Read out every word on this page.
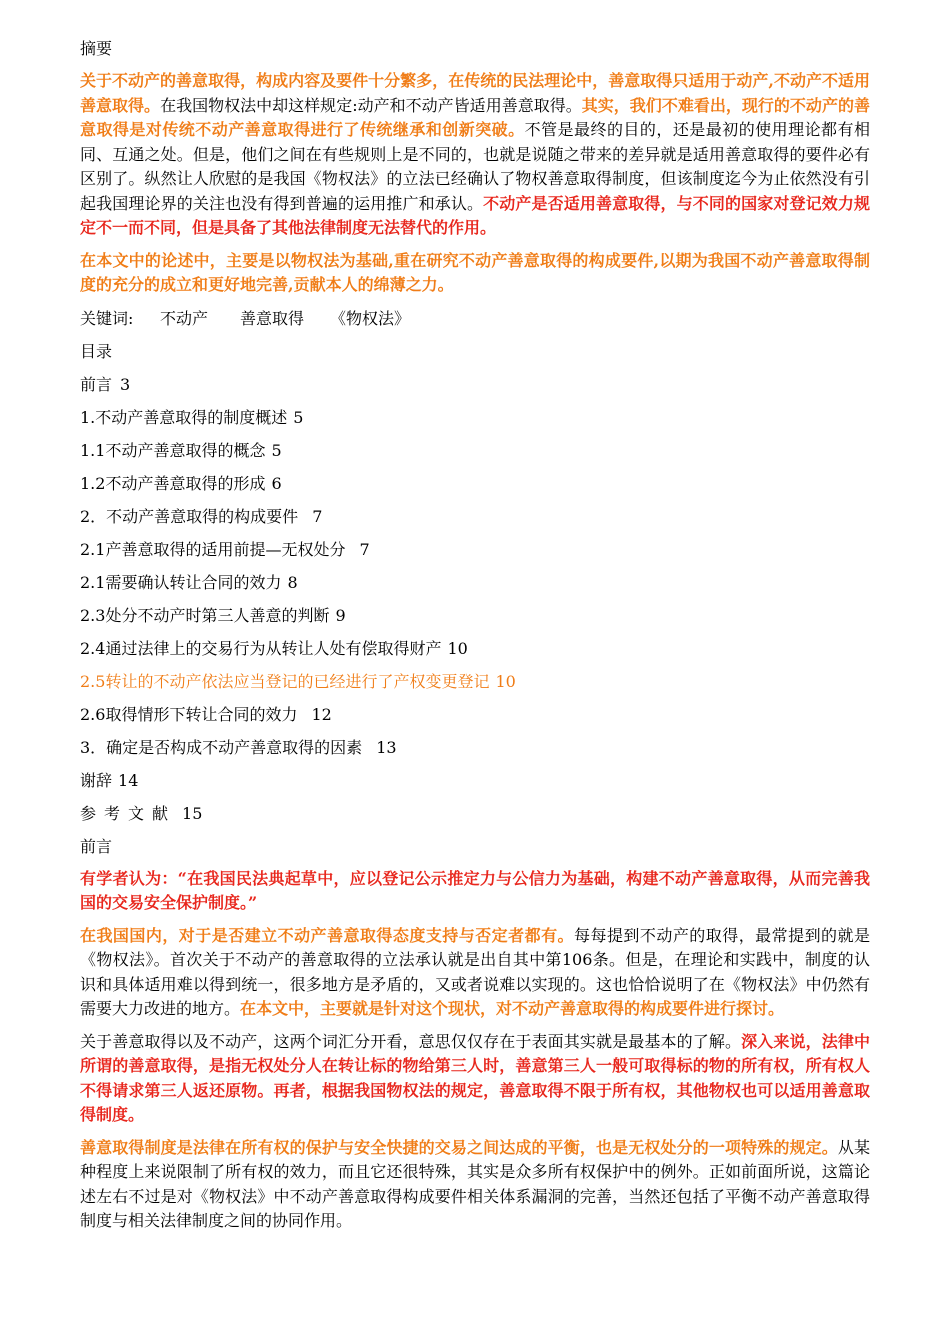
摘要
关于不动产的善意取得，构成内容及要件十分繁多，在传统的民法理论中，善意取得只适用于动产,不动产不适用善意取得。在我国物权法中却这样规定:动产和不动产皆适用善意取得。其实，我们不难看出，现行的不动产的善意取得是对传统不动产善意取得进行了传统继承和创新突破。不管是最终的目的，还是最初的使用理论都有相同、互通之处。但是，他们之间在有些规则上是不同的，也就是说随之带来的差异就是适用善意取得的要件必有区别了。纵然让人欣慰的是我国《物权法》的立法已经确认了物权善意取得制度，但该制度迄今为止依然没有引起我国理论界的关注也没有得到普遍的运用推广和承认。不动产是否适用善意取得，与不同的国家对登记效力规定不一而不同，但是具备了其他法律制度无法替代的作用。
在本文中的论述中，主要是以物权法为基础,重在研究不动产善意取得的构成要件,以期为我国不动产善意取得制度的充分的成立和更好地完善,贡献本人的绵薄之力。
关键词: 不动产 善意取得 《物权法》
目录
前言 3
1.不动产善意取得的制度概述 5
1.1不动产善意取得的概念 5
1.2不动产善意取得的形成 6
2．不动产善意取得的构成要件 7
2.1产善意取得的适用前提—无权处分 7
2.1需要确认转让合同的效力 8
2.3处分不动产时第三人善意的判断 9
2.4通过法律上的交易行为从转让人处有偿取得财产 10
2.5转让的不动产依法应当登记的已经进行了产权变更登记 10
2.6取得情形下转让合同的效力 12
3．确定是否构成不动产善意取得的因素 13
谢辞 14
参考文献 15
前言
有学者认为：“在我国民法典起草中，应以登记公示推定力与公信力为基础，构建不动产善意取得，从而完善我国的交易安全保护制度。”
在我国国内，对于是否建立不动产善意取得态度支持与否定者都有。每每提到不动产的取得，最常提到的就是《物权法》。首次关于不动产的善意取得的立法承认就是出自其中第106条。但是，在理论和实践中，制度的认识和具体适用难以得到统一，很多地方是矛盾的，又或者说难以实现的。这也恰恰说明了在《物权法》中仍然有需要大力改进的地方。在本文中，主要就是针对这个现状，对不动产善意取得的构成要件进行探讨。
关于善意取得以及不动产，这两个词汇分开看，意思仅仅存在于表面其实就是最基本的了解。深入来说，法律中所谓的善意取得，是指无权处分人在转让标的物给第三人时，善意第三人一般可取得标的物的所有权，所有权人不得请求第三人返还原物。再者，根据我国物权法的规定，善意取得不限于所有权，其他物权也可以适用善意取得制度。
善意取得制度是法律在所有权的保护与安全快捷的交易之间达成的平衡，也是无权处分的一项特殊的规定。从某种程度上来说限制了所有权的效力，而且它还很特殊，其实是众多所有权保护中的例外。正如前面所说，这篇论述左右不过是对《物权法》中不动产善意取得构成要件相关体系漏洞的完善，当然还包括了平衡不动产善意取得制度与相关法律制度之间的协同作用。
